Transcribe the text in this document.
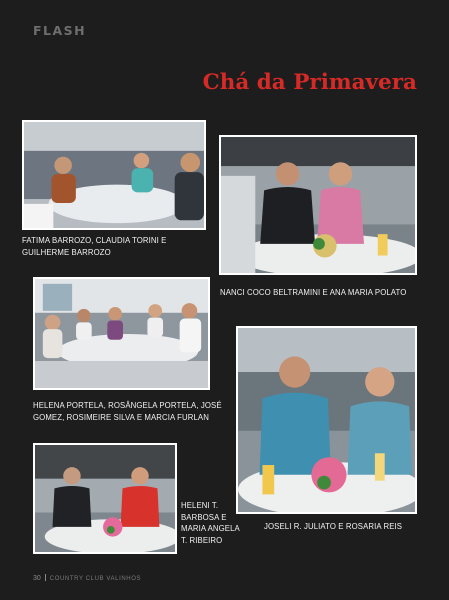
FLASH
Chá da Primavera
FATIMA BARROZO, CLAUDIA TORINI E GUILHERME BARROZO
NANCI COCO BELTRAMINI E ANA MARIA POLATO
HELENA PORTELA, ROSÂNGELA PORTELA, JOSÉ GOMEZ, ROSIMEIRE SILVA E MARCIA FURLAN
JOSELI R. JULIATO E ROSARIA REIS
HELENI T. BARBOSA E MARIA ANGELA T. RIBEIRO
30 COUNTRY CLUB VALINHOS
